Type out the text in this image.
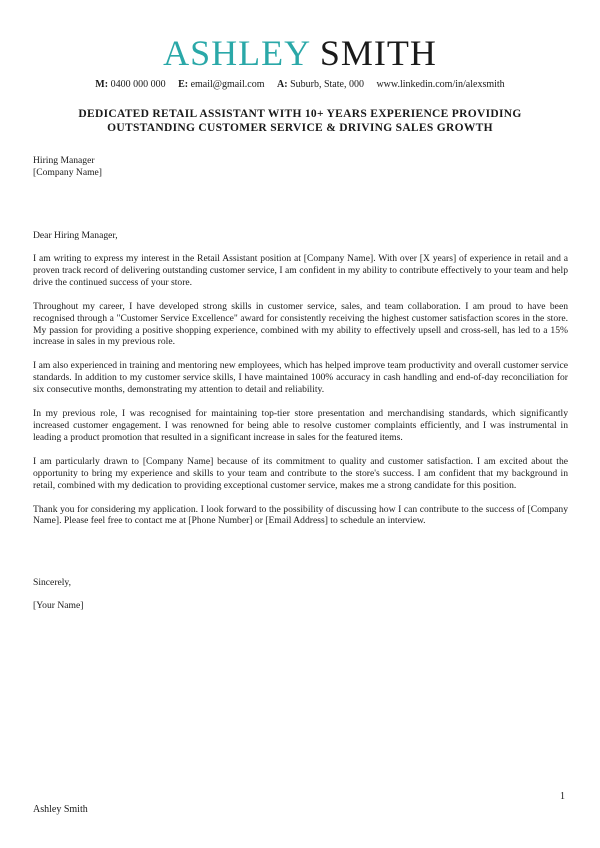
ASHLEY SMITH
M: 0400 000 000 E: email@gmail.com A: Suburb, State, 000 www.linkedin.com/in/alexsmith
DEDICATED RETAIL ASSISTANT WITH 10+ YEARS EXPERIENCE PROVIDING
OUTSTANDING CUSTOMER SERVICE & DRIVING SALES GROWTH
Hiring Manager
[Company Name]
Dear Hiring Manager,

I am writing to express my interest in the Retail Assistant position at [Company Name]. With over [X years] of experience in retail and a proven track record of delivering outstanding customer service, I am confident in my ability to contribute effectively to your team and help drive the continued success of your store.

Throughout my career, I have developed strong skills in customer service, sales, and team collaboration. I am proud to have been recognised through a "Customer Service Excellence" award for consistently receiving the highest customer satisfaction scores in the store. My passion for providing a positive shopping experience, combined with my ability to effectively upsell and cross-sell, has led to a 15% increase in sales in my previous role.

I am also experienced in training and mentoring new employees, which has helped improve team productivity and overall customer service standards. In addition to my customer service skills, I have maintained 100% accuracy in cash handling and end-of-day reconciliation for six consecutive months, demonstrating my attention to detail and reliability.

In my previous role, I was recognised for maintaining top-tier store presentation and merchandising standards, which significantly increased customer engagement. I was renowned for being able to resolve customer complaints efficiently, and I was instrumental in leading a product promotion that resulted in a significant increase in sales for the featured items.

I am particularly drawn to [Company Name] because of its commitment to quality and customer satisfaction. I am excited about the opportunity to bring my experience and skills to your team and contribute to the store's success. I am confident that my background in retail, combined with my dedication to providing exceptional customer service, makes me a strong candidate for this position.

Thank you for considering my application. I look forward to the possibility of discussing how I can contribute to the success of [Company Name]. Please feel free to contact me at [Phone Number] or [Email Address] to schedule an interview.

Sincerely,
[Your Name]
1
Ashley Smith
